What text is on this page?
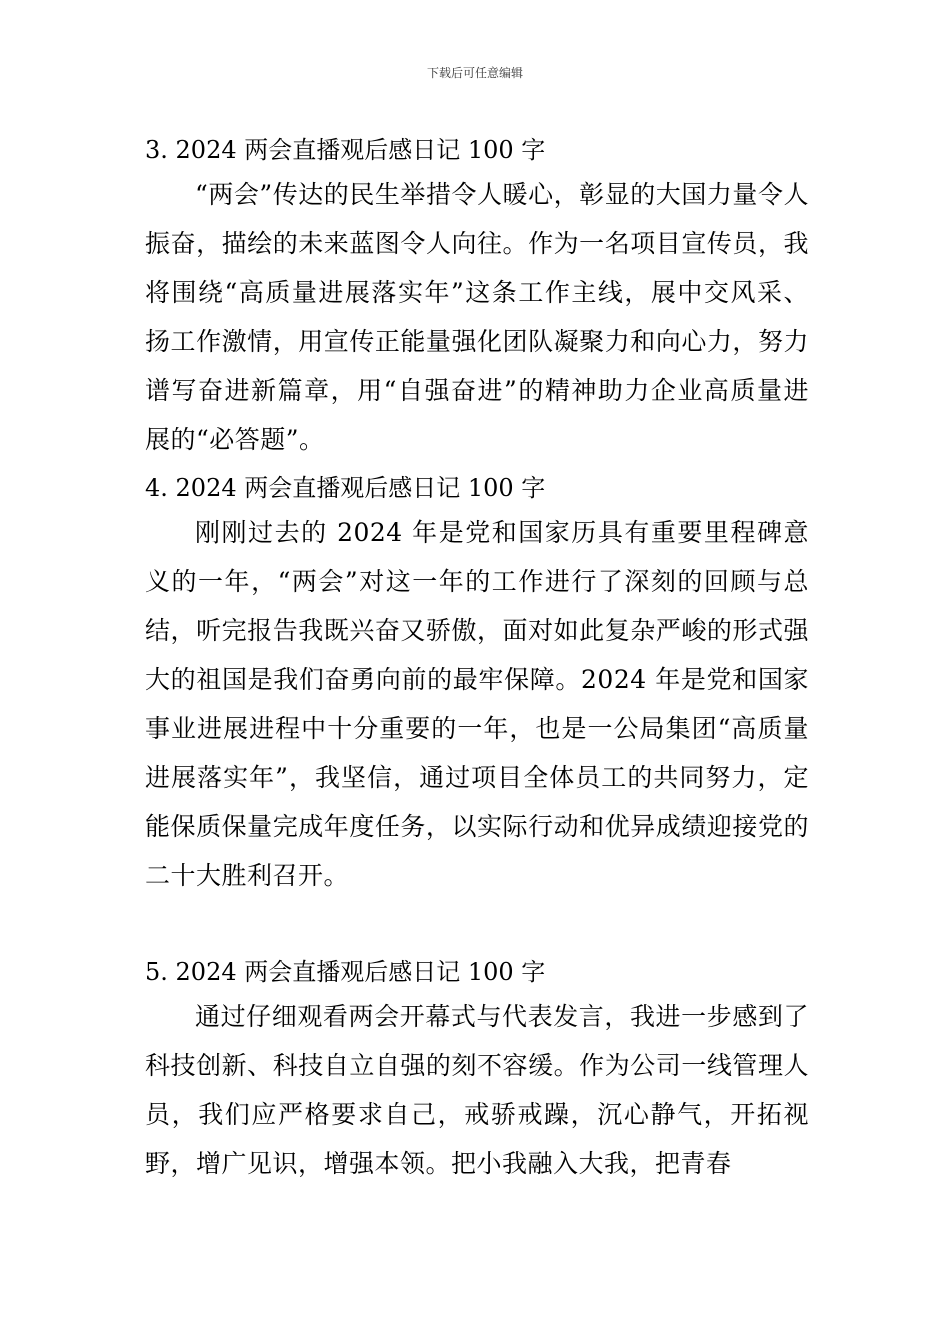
下载后可任意编辑

3. 2024 两会直播观后感日记 100 字

“两会”传达的民生举措令人暖心，彰显的大国力量令人振奋，描绘的未来蓝图令人向往。作为一名项目宣传员，我将围绕“高质量进展落实年”这条工作主线，展中交风采、扬工作激情，用宣传正能量强化团队凝聚力和向心力，努力谱写奋进新篇章，用“自强奋进”的精神助力企业高质量进展的“必答题”。

4. 2024 两会直播观后感日记 100 字

刚刚过去的 2024 年是党和国家历具有重要里程碑意义的一年，“两会”对这一年的工作进行了深刻的回顾与总结，听完报告我既兴奋又骄傲，面对如此复杂严峻的形式强大的祖国是我们奋勇向前的最牢保障。2024 年是党和国家事业进展进程中十分重要的一年，也是一公局集团“高质量进展落实年”，我坚信，通过项目全体员工的共同努力，定能保质保量完成年度任务，以实际行动和优异成绩迎接党的二十大胜利召开。

5. 2024 两会直播观后感日记 100 字

通过仔细观看两会开幕式与代表发言，我进一步感到了科技创新、科技自立自强的刻不容缓。作为公司一线管理人员，我们应严格要求自己，戒骄戒躁，沉心静气，开拓视野，增广见识，增强本领。把小我融入大我，把青春
